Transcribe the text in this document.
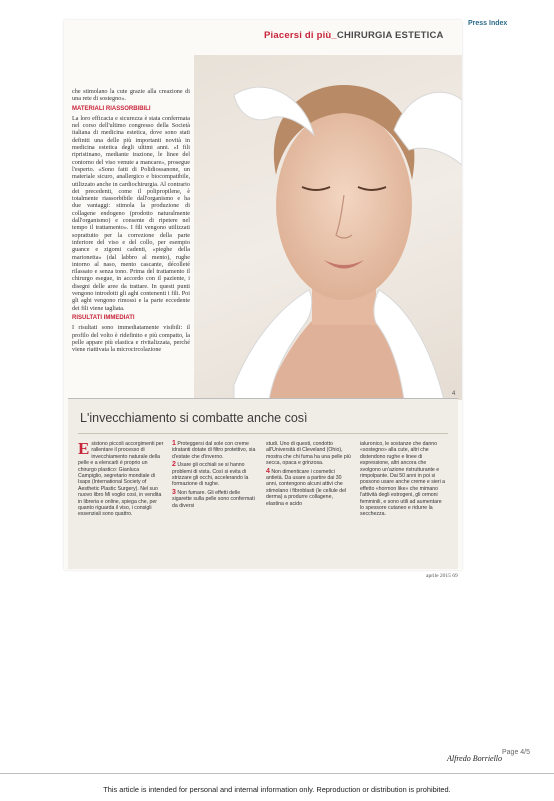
Piacersi di più_CHIRURGIA ESTETICA

che stimolano la cute grazie alla creazione di una rete di sostegno».

MATERIALI RIASSORBIBILI

La loro efficacia e sicurezza è stata confermata nel corso dell'ultimo congresso della Società italiana di medicina estetica, dove sono stati definiti una delle più importanti novità in medicina estetica degli ultimi anni. «I fili ripristinano, mediante trazione, le linee del contorno del viso venute a mancare», prosegue l'esperto. «Sono fatti di Polidiossanone, un materiale sicuro, anallergico e biocompatibile, utilizzato anche in cardiochirurgia. Al contrario dei precedenti, come il polipropilene, è totalmente riassorbibile dall'organismo e ha due vantaggi: stimola la produzione di collagene endogeno (prodotto naturalmente dall'organismo) e consente di ripetere nel tempo il trattamento». I fili vengono utilizzati soprattutto per la correzione della parte inferiore del viso e del collo, per esempio guance e zigomi cadenti, «pieghe della marionetta» (dal labbro al mento), rughe intorno al naso, mento cascante, décolleté rilassato e senza tono. Prima del trattamento il chirurgo esegue, in accordo con il paziente, i disegni delle aree da trattare. In questi punti vengono introdotti gli aghi contenenti i fili. Poi gli aghi vengono rimossi e la parte eccedente dei fili viene tagliata.

RISULTATI IMMEDIATI

I risultati sono immediatamente visibili: il profilo del volto è ridefinito e più compatto, la pelle appare più elastica e rivitalizzata, perché viene riattivata la microcircolazione

4
aprile 2015 69
Press Index
L'invecchiamento si combatte anche così

Esistono piccoli accorgimenti per rallentare il processo di invecchiamento naturale della pelle e a elencarli è proprio un chirurgo plastico: Gianluca Campiglio, segretario mondiale di Isaps (International Society of Aesthetic Plastic Surgery). Nel suo nuovo libro Mi voglio così, in vendita in libreria e online, spiega che, per quanto riguarda il viso, i consigli essenziali sono quattro.

1 Proteggersi dal sole con creme idratanti dotate di filtro protettivo, sia d'estate che d'inverno.

2 Usare gli occhiali se si hanno problemi di vista. Così si evita di strizzare gli occhi, accelerando la formazione di rughe.

3 Non fumare. Gli effetti delle sigarette sulla pelle sono confermati da diversi

studi. Uno di questi, condotto all'Università di Cleveland (Ohio), mostra che chi fuma ha una pelle più secca, opaca e grinzosa.

4 Non dimenticare i cosmetici antietà. Da usare a partire dai 30 anni, contengono alcuni attivi che stimolano i fibroblasti (le cellule del derma) a produrre collagene, elastina e acido

ialuronico, le sostanze che danno «sostegno» alla cute, altri che distendono rughe e linee di espressione, altri ancora che svolgono un'azione ristrutturante e rimpolpante. Dai 50 anni in poi si possono usare anche creme e sieri a effetto «hormon like» che mimano l'attività degli estrogeni, gli ormoni femminili, e sono utili ad aumentare lo spessore cutaneo e ridurre la secchezza.

Page 4/5
Alfredo Borriello
This article is intended for personal and internal information only. Reproduction or distribution is prohibited.
